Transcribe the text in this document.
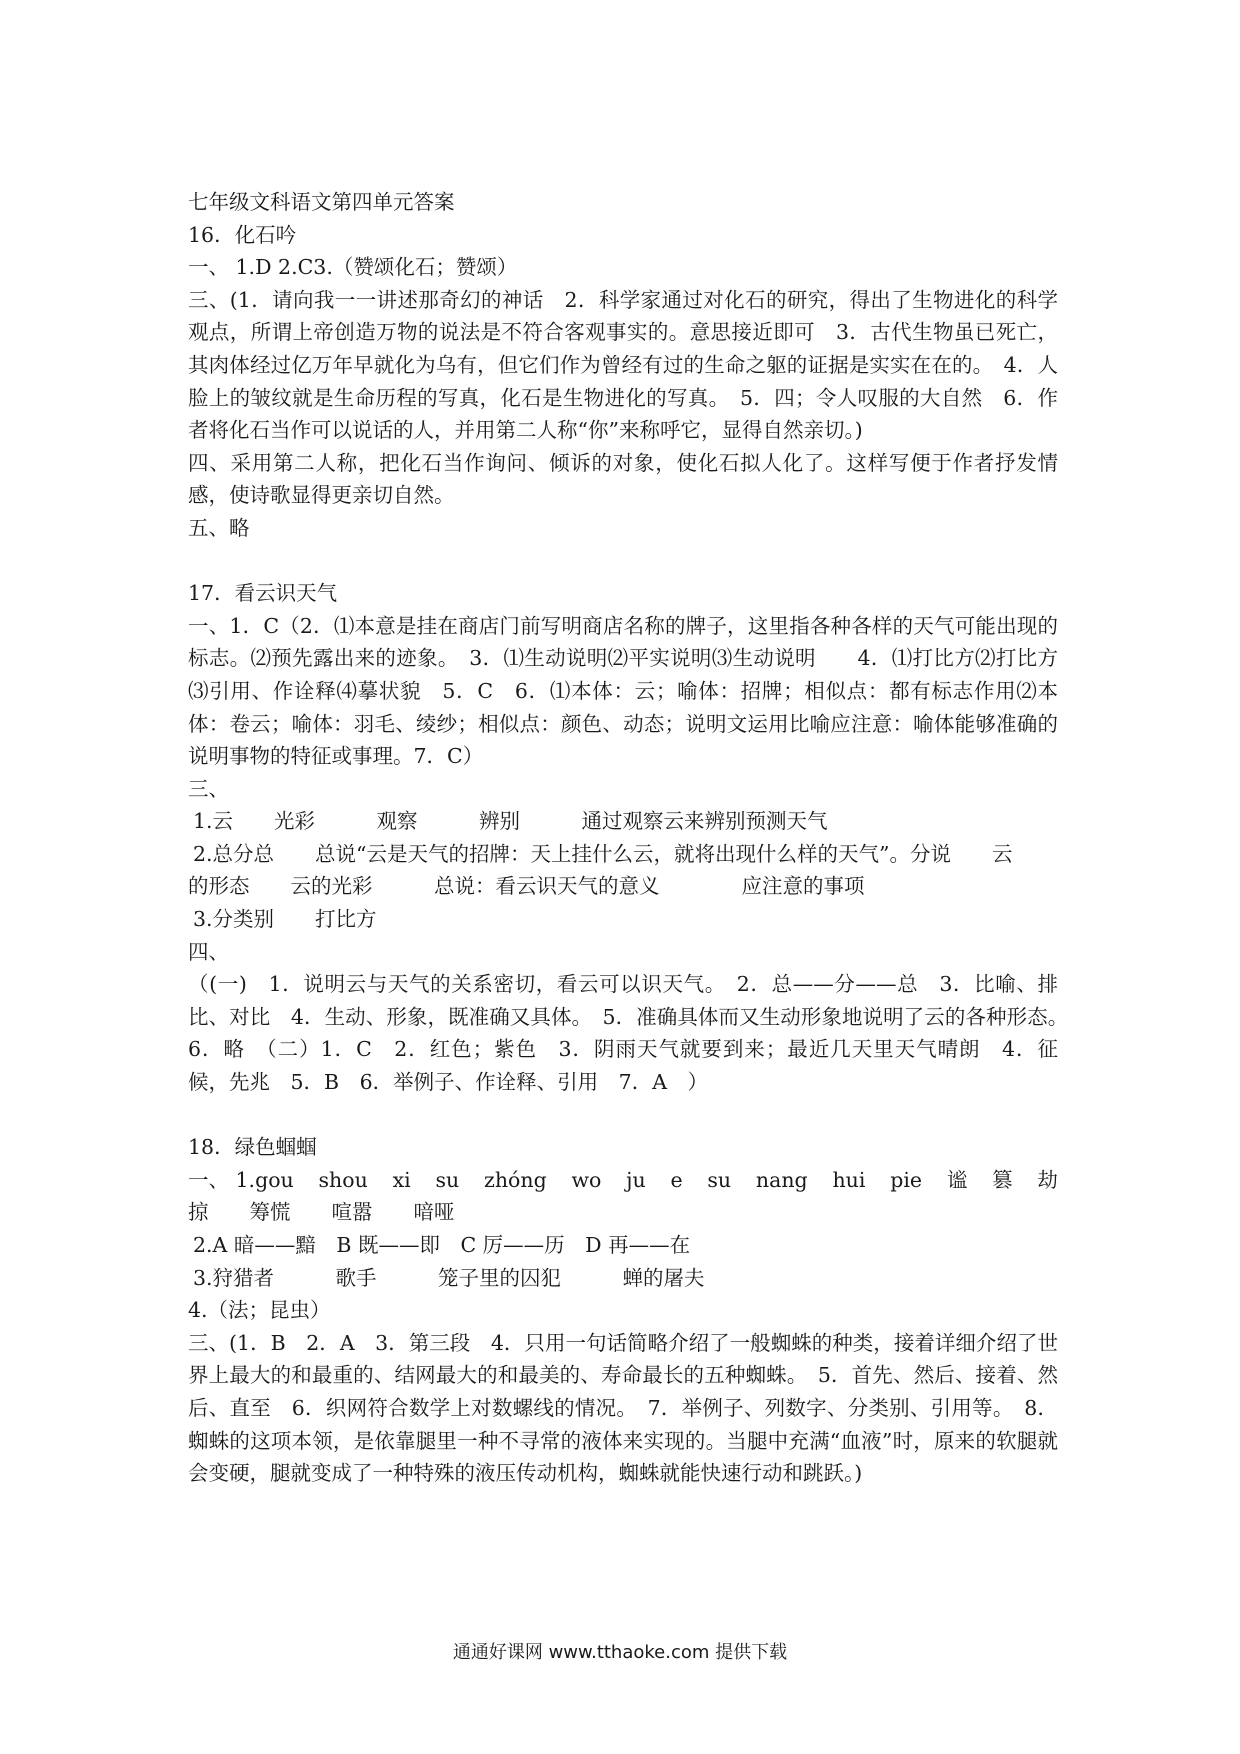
七年级文科语文第四单元答案
16．化石吟
一、 1.D 2.C3.（赞颂化石；赞颂）
三、(1．请向我一一讲述那奇幻的神话　2．科学家通过对化石的研究，得出了生物进化的科学观点，所谓上帝创造万物的说法是不符合客观事实的。意思接近即可　3．古代生物虽已死亡，其肉体经过亿万年早就化为乌有，但它们作为曾经有过的生命之躯的证据是实实在在的。　4．人脸上的皱纹就是生命历程的写真，化石是生物进化的写真。　5．四；令人叹服的大自然　6．作者将化石当作可以说话的人，并用第二人称“你”来称呼它，显得自然亲切。)
四、采用第二人称，把化石当作询问、倾诉的对象，使化石拟人化了。这样写便于作者抒发情感，使诗歌显得更亲切自然。
五、略
17．看云识天气
一、1．C（2．⑴本意是挂在商店门前写明商店名称的牌子，这里指各种各样的天气可能出现的标志。⑵预先露出来的迹象。　3．⑴生动说明⑵平实说明⑶生动说明　　4．⑴打比方⑵打比方⑶引用、作诠释⑷摹状貌　5．C　6．⑴本体：云；喻体：招牌；相似点：都有标志作用⑵本体：卷云；喻体：羽毛、绫纱；相似点：颜色、动态；说明文运用比喻应注意：喻体能够准确的说明事物的特征或事理。7．C）
三、
1.云　　光彩　　　观察　　　辨别　　　通过观察云来辨别预测天气
2.总分总　　总说“云是天气的招牌：天上挂什么云，就将出现什么样的天气”。分说　　云
的形态　　云的光彩　　　总说：看云识天气的意义　　　　应注意的事项
3.分类别　　打比方
四、
（(一)　1．说明云与天气的关系密切，看云可以识天气。　2．总——分——总　3．比喻、排比、对比　4．生动、形象，既准确又具体。　5．准确具体而又生动形象地说明了云的各种形态。　6．略　（二）1．C　2．红色；紫色　3．阴雨天气就要到来；最近几天里天气晴朗　4．征候，先兆　5．B　6．举例子、作诠释、引用　7．A　）
18．绿色蝈蝈
一、 1.gou shou xi su zhóng wo ju e su nang hui pie 谧 篡 劫
掠　　筹慌　　喧嚣　　喑哑
2.A 暗——黯　B 既——即　C 厉——历　D 再——在
3.狩猎者　　　歌手　　　笼子里的囚犯　　　蝉的屠夫
4.（法；昆虫）
三、(1．B　2．A　3．第三段　4．只用一句话简略介绍了一般蜘蛛的种类，接着详细介绍了世界上最大的和最重的、结网最大的和最美的、寿命最长的五种蜘蛛。　5．首先、然后、接着、然后、直至　6．织网符合数学上对数螺线的情况。　7．举例子、列数字、分类别、引用等。　8．蜘蛛的这项本领，是依靠腿里一种不寻常的液体来实现的。当腿中充满“血液”时，原来的软腿就会变硬，腿就变成了一种特殊的液压传动机构，蜘蛛就能快速行动和跳跃。)
通通好课网 www.tthaoke.com 提供下载
